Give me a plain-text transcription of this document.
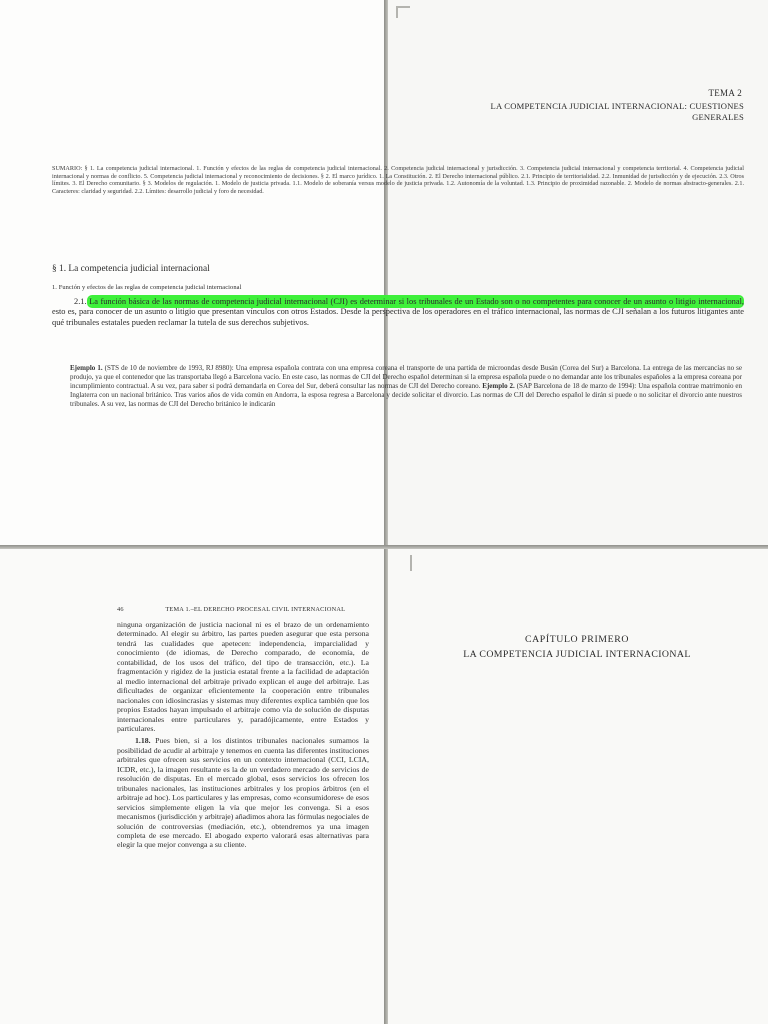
TEMA 2
LA COMPETENCIA JUDICIAL INTERNACIONAL: CUESTIONES
GENERALES
SUMARIO: § 1. La competencia judicial internacional. 1. Función y efectos de las reglas de competencia judicial internacional. 2. Competencia judicial internacional y jurisdicción. 3. Competencia judicial internacional y competencia territorial. 4. Competencia judicial internacional y normas de conflicto. 5. Competencia judicial internacional y reconocimiento de decisiones. § 2. El marco jurídico. 1. La Constitución. 2. El Derecho internacional público. 2.1. Principio de territorialidad. 2.2. Inmunidad de jurisdicción y de ejecución. 2.3. Otros límites. 3. El Derecho comunitario. § 3. Modelos de regulación. 1. Modelo de justicia privada. 1.1. Modelo de soberanía versus modelo de justicia privada. 1.2. Autonomía de la voluntad. 1.3. Principio de proximidad razonable. 2. Modelo de normas abstracto-generales. 2.1. Caracteres: claridad y seguridad. 2.2. Límites: desarrollo judicial y foro de necesidad.
§ 1. La competencia judicial internacional
1. Función y efectos de las reglas de competencia judicial internacional
2.1. La función básica de las normas de competencia judicial internacional (CJI) es determinar si los tribunales de un Estado son o no competentes para conocer de un asunto o litigio internacional, esto es, para conocer de un asunto o litigio que presentan vínculos con otros Estados. Desde la perspectiva de los operadores en el tráfico internacional, las normas de CJI señalan a los futuros litigantes ante qué tribunales estatales pueden reclamar la tutela de sus derechos subjetivos.
Ejemplo 1. (STS de 10 de noviembre de 1993, RJ 8980): Una empresa española contrata con una empresa coreana el transporte de una partida de microondas desde Busán (Corea del Sur) a Barcelona. La entrega de las mercancías no se produjo, ya que el contenedor que las transportaba llegó a Barcelona vacío. En este caso, las normas de CJI del Derecho español determinan si la empresa española puede o no demandar ante los tribunales españoles a la empresa coreana por incumplimiento contractual. A su vez, para saber si podrá demandarla en Corea del Sur, deberá consultar las normas de CJI del Derecho coreano. Ejemplo 2. (SAP Barcelona de 18 de marzo de 1994): Una española contrae matrimonio en Inglaterra con un nacional británico. Tras varios años de vida común en Andorra, la esposa regresa a Barcelona y decide solicitar el divorcio. Las normas de CJI del Derecho español le dirán si puede o no solicitar el divorcio ante nuestros tribunales. A su vez, las normas de CJI del Derecho británico le indicarán
46	TEMA 1.–EL DERECHO PROCESAL CIVIL INTERNACIONAL

ninguna organización de justicia nacional ni es el brazo de un ordenamiento determinado. Al elegir su árbitro, las partes pueden asegurar que esta persona tendrá las cualidades que apetecen: independencia, imparcialidad y conocimiento (de idiomas, de Derecho comparado, de economía, de contabilidad, de los usos del tráfico, del tipo de transacción, etc.). La fragmentación y rigidez de la justicia estatal frente a la facilidad de adaptación al medio internacional del arbitraje privado explican el auge del arbitraje. Las dificultades de organizar eficientemente la cooperación entre tribunales nacionales con idiosincrasias y sistemas muy diferentes explica también que los propios Estados hayan impulsado el arbitraje como vía de solución de disputas internacionales entre particulares y, paradójicamente, entre Estados y particulares.

1.18. Pues bien, si a los distintos tribunales nacionales sumamos la posibilidad de acudir al arbitraje y tenemos en cuenta las diferentes instituciones arbitrales que ofrecen sus servicios en un contexto internacional (CCI, LCIA, ICDR, etc.), la imagen resultante es la de un verdadero mercado de servicios de resolución de disputas. En el mercado global, esos servicios los ofrecen los tribunales nacionales, las instituciones arbitrales y los propios árbitros (en el arbitraje ad hoc). Los particulares y las empresas, como «consumidores» de esos servicios simplemente eligen la vía que mejor les convenga. Si a esos mecanismos (jurisdicción y arbitraje) añadimos ahora las fórmulas negociales de solución de controversias (mediación, etc.), obtendremos ya una imagen completa de ese mercado. El abogado experto valorará esas alternativas para elegir la que mejor convenga a su cliente.

CAPÍTULO PRIMERO
LA COMPETENCIA JUDICIAL INTERNACIONAL
